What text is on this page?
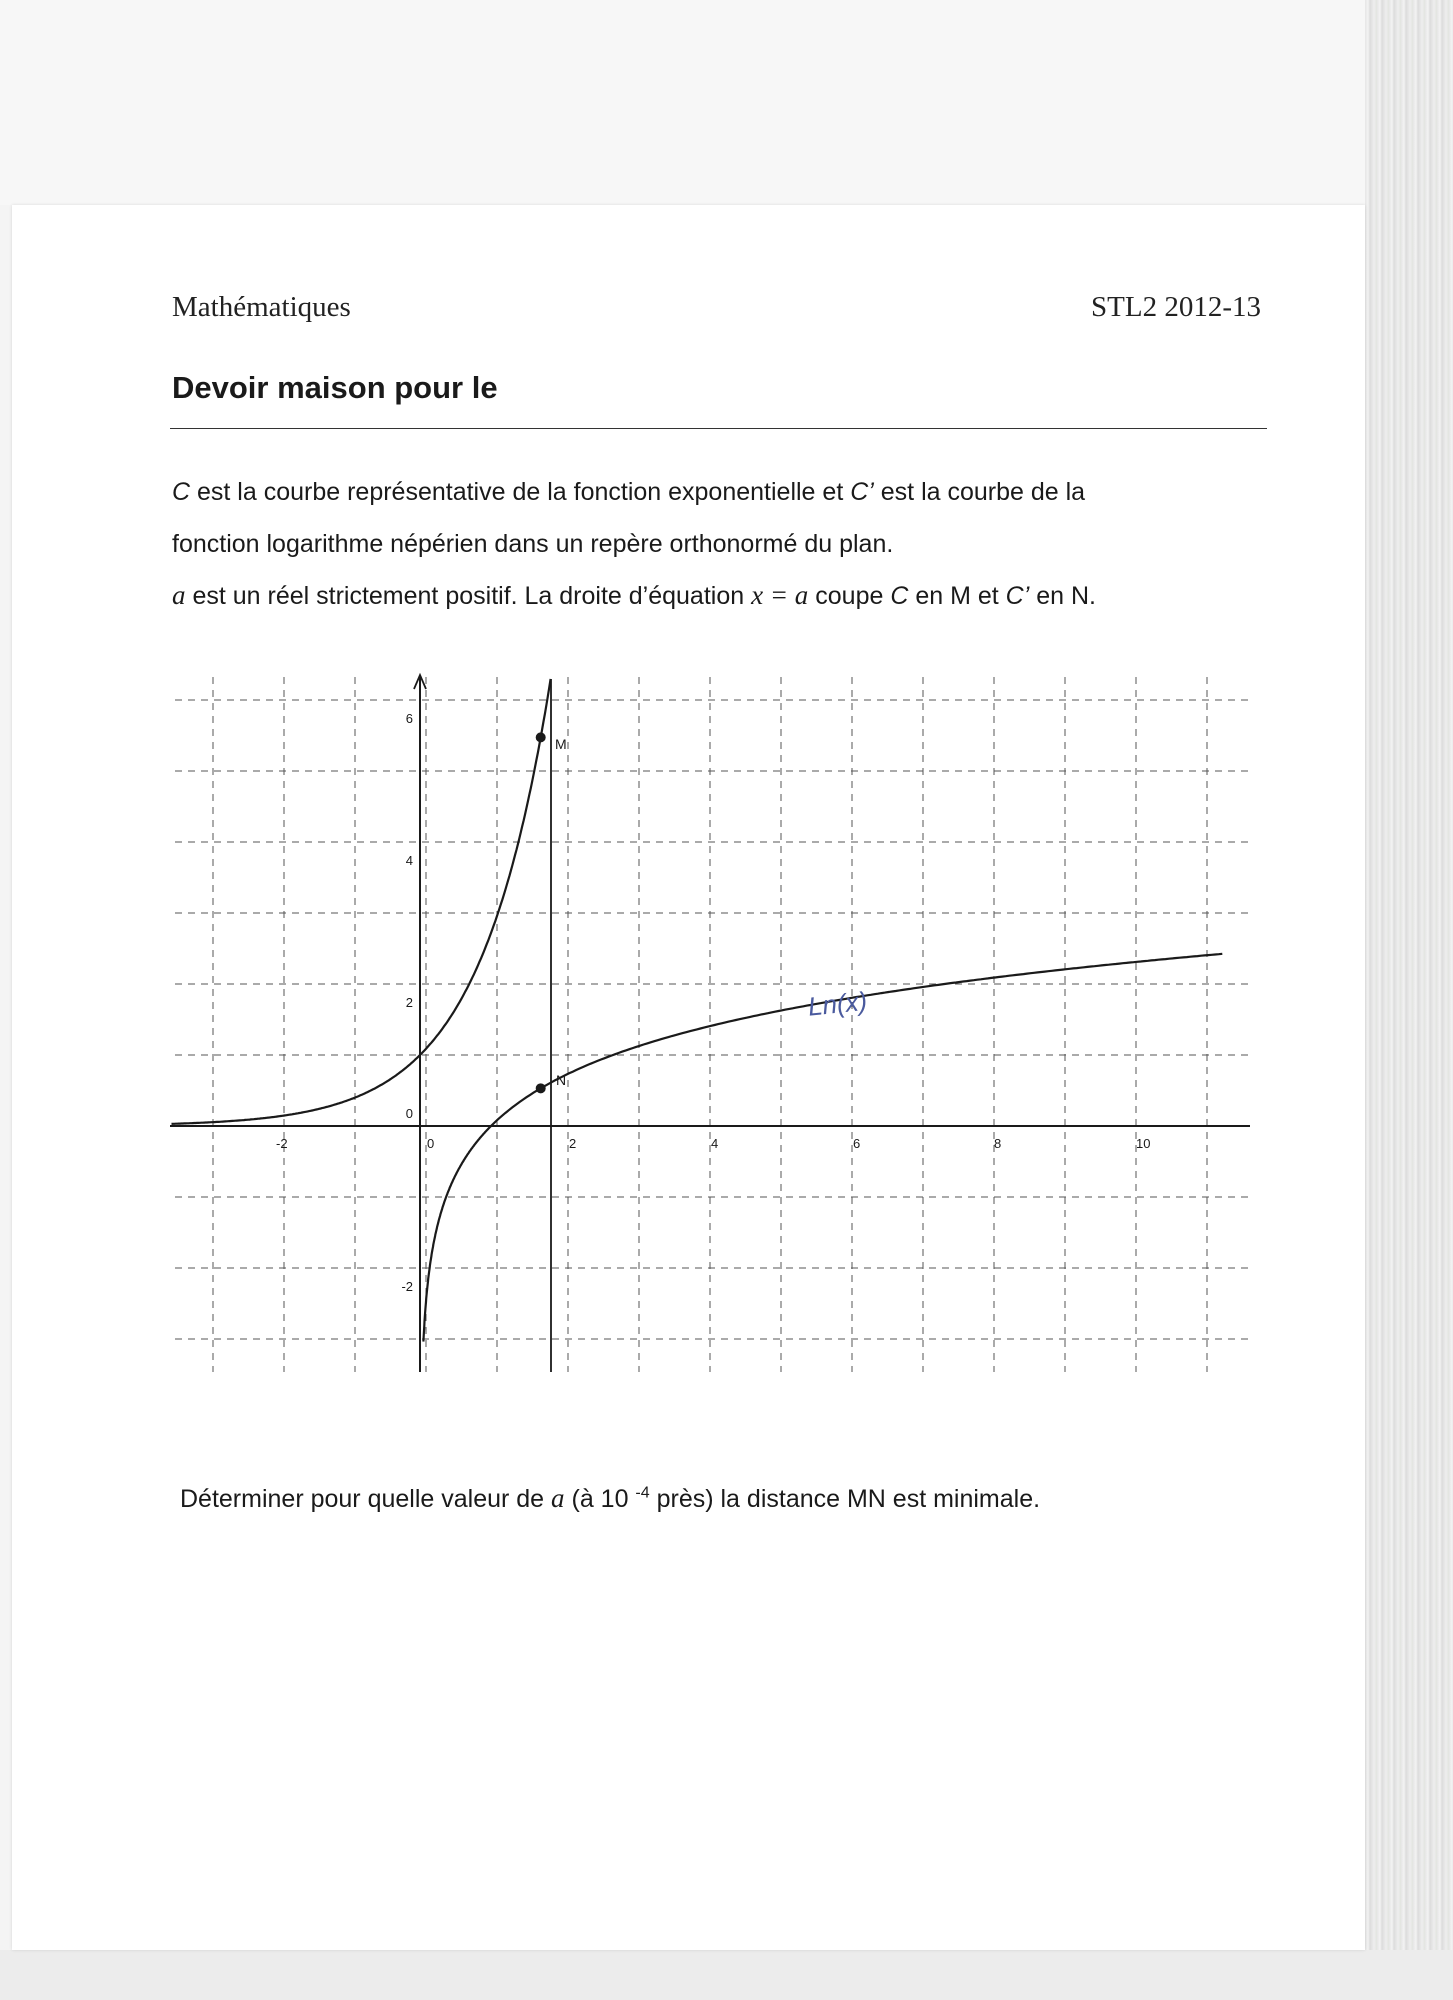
Mathématiques	STL2 2012-13
Devoir maison pour le

C est la courbe représentative de la fonction exponentielle et C’ est la courbe de la

fonction logarithme népérien dans un repère orthonormé du plan.

a est un réel strictement positif. La droite d’équation x = a coupe C en M et C’ en N.

-2	0	2	4	6	8	10
6
4
2
0
-2
M
N
Ln(x)

Déterminer pour quelle valeur de a (à 10 $^{-4}$ près) la distance MN est minimale.
